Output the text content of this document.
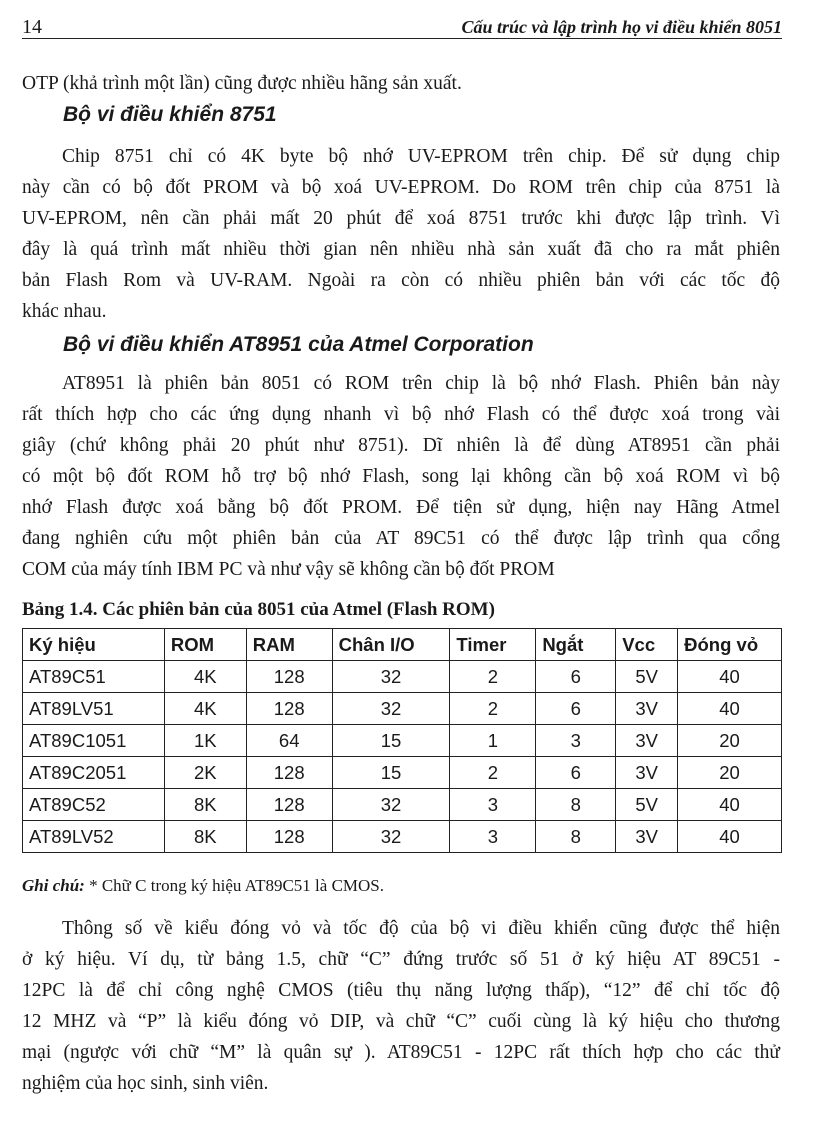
14	Cấu trúc và lập trình họ vi điều khiển 8051
OTP (khả trình một lần) cũng được nhiều hãng sản xuất.
Bộ vi điều khiển 8751
Chip 8751 chỉ có 4K byte bộ nhớ UV-EPROM trên chip. Để sử dụng chip
này cần có bộ đốt PROM và bộ xoá UV-EPROM. Do ROM trên chip của 8751 là
UV-EPROM, nên cần phải mất 20 phút để xoá 8751 trước khi được lập trình. Vì
đây là quá trình mất nhiều thời gian nên nhiều nhà sản xuất đã cho ra mắt phiên
bản Flash Rom và UV-RAM. Ngoài ra còn có nhiều phiên bản với các tốc độ
khác nhau.
Bộ vi điều khiển AT8951 của Atmel Corporation
AT8951 là phiên bản 8051 có ROM trên chip là bộ nhớ Flash. Phiên bản này
rất thích hợp cho các ứng dụng nhanh vì bộ nhớ Flash có thể được xoá trong vài
giây (chứ không phải 20 phút như 8751). Dĩ nhiên là để dùng AT8951 cần phải
có một bộ đốt ROM hỗ trợ bộ nhớ Flash, song lại không cần bộ xoá ROM vì bộ
nhớ Flash được xoá bằng bộ đốt PROM. Để tiện sử dụng, hiện nay Hãng Atmel
đang nghiên cứu một phiên bản của AT 89C51 có thể được lập trình qua cổng
COM của máy tính IBM PC và như vậy sẽ không cần bộ đốt PROM
Bảng 1.4. Các phiên bản của 8051 của Atmel (Flash ROM)
Ký hiệu	ROM	RAM	Chân I/O	Timer	Ngắt	Vcc	Đóng vỏ
AT89C51	4K	128	32	2	6	5V	40
AT89LV51	4K	128	32	2	6	3V	40
AT89C1051	1K	64	15	1	3	3V	20
AT89C2051	2K	128	15	2	6	3V	20
AT89C52	8K	128	32	3	8	5V	40
AT89LV52	8K	128	32	3	8	3V	40
Ghi chú: * Chữ C trong ký hiệu AT89C51 là CMOS.
Thông số về kiểu đóng vỏ và tốc độ của bộ vi điều khiển cũng được thể hiện
ở ký hiệu. Ví dụ, từ bảng 1.5, chữ “C” đứng trước số 51 ở ký hiệu AT 89C51 -
12PC là để chỉ công nghệ CMOS (tiêu thụ năng lượng thấp), “12” để chỉ tốc độ
12 MHZ và “P” là kiểu đóng vỏ DIP, và chữ “C” cuối cùng là ký hiệu cho thương
mại (ngược với chữ “M” là quân sự ). AT89C51 - 12PC rất thích hợp cho các thử
nghiệm của học sinh, sinh viên.
